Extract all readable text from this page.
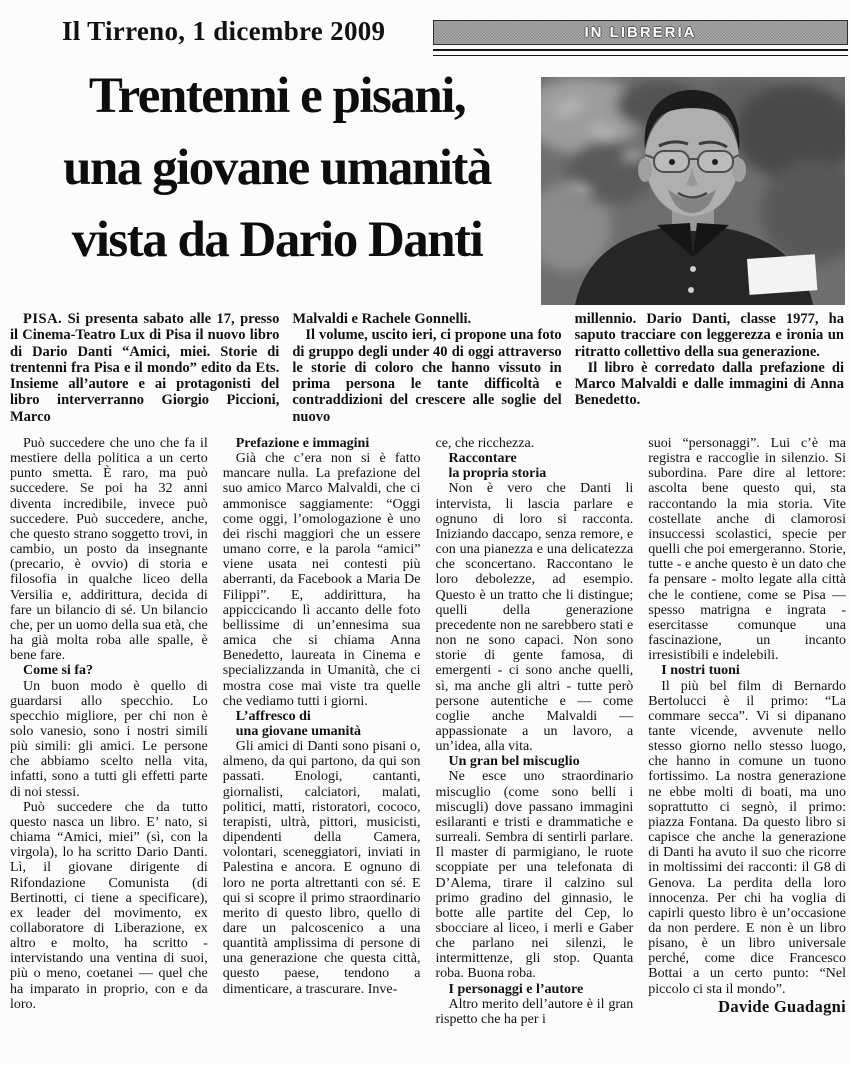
Il Tirreno, 1 dicembre 2009	IN LIBRERIA
Trentenni e pisani,
una giovane umanità
vista da Dario Danti

PISA. Si presenta sabato alle 17, presso il Cinema-Teatro Lux di Pisa il nuovo libro di Dario Danti “Amici, miei. Storie di trentenni fra Pisa e il mondo” edito da Ets. Insieme all’autore e ai protagonisti del libro interverranno Giorgio Piccioni, Marco

Malvaldi e Rachele Gonnelli.

Il volume, uscito ieri, ci propone una foto di gruppo degli under 40 di oggi attraverso le storie di coloro che hanno vissuto in prima persona le tante difficoltà e contraddizioni del crescere alle soglie del nuovo

millennio. Dario Danti, classe 1977, ha saputo tracciare con leggerezza e ironia un ritratto collettivo della sua generazione.

Il libro è corredato dalla prefazione di Marco Malvaldi e dalle immagini di Anna Benedetto.

Può succedere che uno che fa il mestiere della politica a un certo punto smetta. È raro, ma può succedere. Se poi ha 32 anni diventa incredibile, invece può succedere. Può succedere, anche, che questo strano soggetto trovi, in cambio, un posto da insegnante (precario, è ovvio) di storia e filosofia in qualche liceo della Versilia e, addirittura, decida di fare un bilancio di sé. Un bilancio che, per un uomo della sua età, che ha già molta roba alle spalle, è bene fare.

Come si fa?

Un buon modo è quello di guardarsi allo specchio. Lo specchio migliore, per chi non è solo vanesio, sono i nostri simili più simili: gli amici. Le persone che abbiamo scelto nella vita, infatti, sono a tutti gli effetti parte di noi stessi.

Può succedere che da tutto questo nasca un libro. E’ nato, si chiama “Amici, miei” (sì, con la virgola), lo ha scritto Dario Danti. Lì, il giovane dirigente di Rifondazione Comunista (di Bertinotti, ci tiene a specificare), ex leader del movimento, ex collaboratore di Liberazione, ex altro e molto, ha scritto - intervistando una ventina di suoi, più o meno, coetanei — quel che ha imparato in proprio, con e da loro.

Prefazione e immagini

Già che c’era non si è fatto mancare nulla. La prefazione del suo amico Marco Malvaldi, che ci ammonisce saggiamente: “Oggi come oggi, l’omologazione è uno dei rischi maggiori che un essere umano corre, e la parola “amici” viene usata nei contesti più aberranti, da Facebook a Maria De Filippi”. E, addirittura, ha appiccicando lì accanto delle foto bellissime di un’ennesima sua amica che si chiama Anna Benedetto, laureata in Cinema e specializzanda in Umanità, che ci mostra cose mai viste tra quelle che vediamo tutti i giorni.

L’affresco di
una giovane umanità

Gli amici di Danti sono pisani o, almeno, da qui partono, da qui son passati. Enologi, cantanti, giornalisti, calciatori, malati, politici, matti, ristoratori, cococo, terapisti, ultrà, pittori, musicisti, dipendenti della Camera, volontari, sceneggiatori, inviati in Palestina e ancora. E ognuno di loro ne porta altrettanti con sé. E qui si scopre il primo straordinario merito di questo libro, quello di dare un palcoscenico a una quantità amplissima di persone di una generazione che questa città, questo paese, tendono a dimenticare, a trascurare. Inve-

ce, che ricchezza.

Raccontare
la propria storia

Non è vero che Danti li intervista, li lascia parlare e ognuno di loro si racconta. Iniziando daccapo, senza remore, e con una pianezza e una delicatezza che sconcertano. Raccontano le loro debolezze, ad esempio. Questo è un tratto che li distingue; quelli della generazione precedente non ne sarebbero stati e non ne sono capaci. Non sono storie di gente famosa, di emergenti - ci sono anche quelli, sì, ma anche gli altri - tutte però persone autentiche e — come coglie anche Malvaldi — appassionate a un lavoro, a un’idea, alla vita.

Un gran bel miscuglio

Ne esce uno straordinario miscuglio (come sono belli i miscugli) dove passano immagini esilaranti e tristi e drammatiche e surreali. Sembra di sentirli parlare. Il master di parmigiano, le ruote scoppiate per una telefonata di D’Alema, tirare il calzino sul primo gradino del ginnasio, le botte alle partite del Cep, lo sbocciare al liceo, i merli e Gaber che parlano nei silenzi, le intermittenze, gli stop. Quanta roba. Buona roba.

I personaggi e l’autore

Altro merito dell’autore è il gran rispetto che ha per i

suoi “personaggi”. Lui c’è ma registra e raccoglie in silenzio. Si subordina. Pare dire al lettore: ascolta bene questo qui, sta raccontando la mia storia. Vite costellate anche di clamorosi insuccessi scolastici, specie per quelli che poi emergeranno. Storie, tutte - e anche questo è un dato che fa pensare - molto legate alla città che le contiene, come se Pisa — spesso matrigna e ingrata - esercitasse comunque una fascinazione, un incanto irresistibili e indelebili.

I nostri tuoni

Il più bel film di Bernardo Bertolucci è il primo: “La commare secca”. Vi si dipanano tante vicende, avvenute nello stesso giorno nello stesso luogo, che hanno in comune un tuono fortissimo. La nostra generazione ne ebbe molti di boati, ma uno soprattutto ci segnò, il primo: piazza Fontana. Da questo libro si capisce che anche la generazione di Danti ha avuto il suo che ricorre in moltissimi dei racconti: il G8 di Genova. La perdita della loro innocenza. Per chi ha voglia di capirli questo libro è un’occasione da non perdere. E non è un libro pisano, è un libro universale perché, come dice Francesco Bottai a un certo punto: “Nel piccolo ci sta il mondo”.

Davide Guadagni
